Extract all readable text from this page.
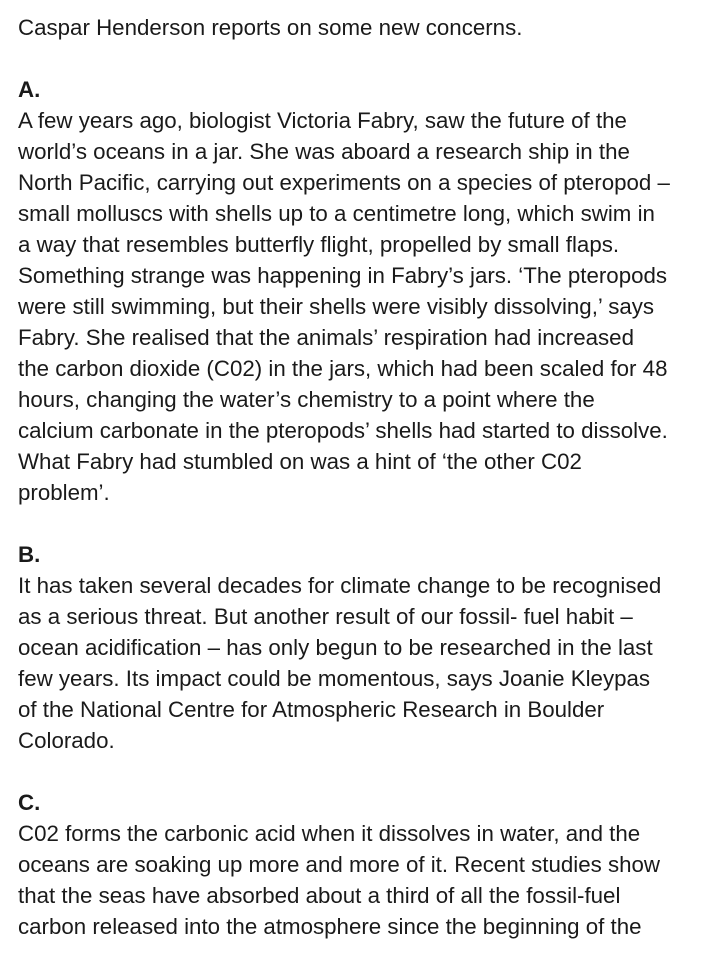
Caspar Henderson reports on some new concerns.
A.
A few years ago, biologist Victoria Fabry, saw the future of the
world’s oceans in a jar. She was aboard a research ship in the
North Pacific, carrying out experiments on a species of pteropod –
small molluscs with shells up to a centimetre long, which swim in
a way that resembles butterfly flight, propelled by small flaps.
Something strange was happening in Fabry’s jars. ‘The pteropods
were still swimming, but their shells were visibly dissolving,’ says
Fabry. She realised that the animals’ respiration had increased
the carbon dioxide (C02) in the jars, which had been scaled for 48
hours, changing the water’s chemistry to a point where the
calcium carbonate in the pteropods’ shells had started to dissolve.
What Fabry had stumbled on was a hint of ‘the other C02
problem’.
B.
It has taken several decades for climate change to be recognised
as a serious threat. But another result of our fossil- fuel habit –
ocean acidification – has only begun to be researched in the last
few years. Its impact could be momentous, says Joanie Kleypas
of the National Centre for Atmospheric Research in Boulder
Colorado.
C.
C02 forms the carbonic acid when it dissolves in water, and the
oceans are soaking up more and more of it. Recent studies show
that the seas have absorbed about a third of all the fossil-fuel
carbon released into the atmosphere since the beginning of the
